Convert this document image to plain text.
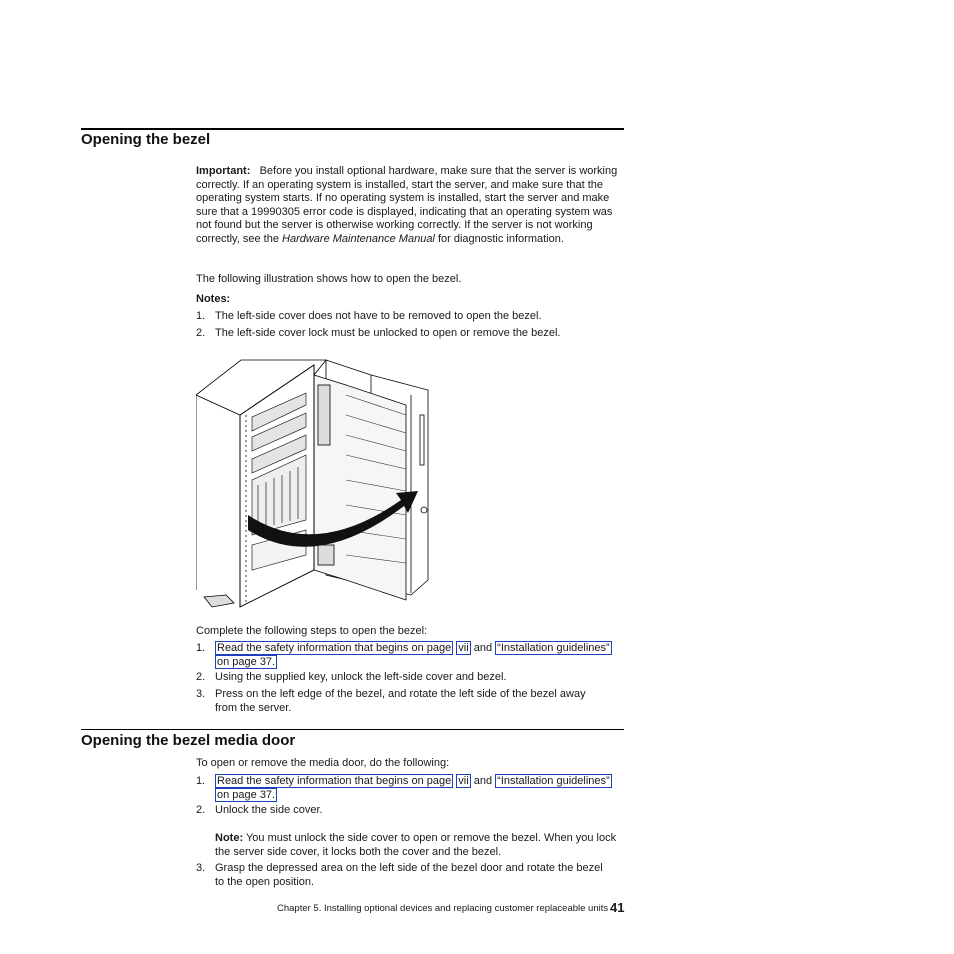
Opening the bezel

Important: Before you install optional hardware, make sure that the server is working correctly. If an operating system is installed, start the server, and make sure that the operating system starts. If no operating system is installed, start the server and make sure that a 19990305 error code is displayed, indicating that an operating system was not found but the server is otherwise working correctly. If the server is not working correctly, see the Hardware Maintenance Manual for diagnostic information.

The following illustration shows how to open the bezel.

Notes:

1. The left-side cover does not have to be removed to open the bezel.
2. The left-side cover lock must be unlocked to open or remove the bezel.

Complete the following steps to open the bezel:

1. Read the safety information that begins on page vii and “Installation guidelines”
on page 37.
2. Using the supplied key, unlock the left-side cover and bezel.
3. Press on the left edge of the bezel, and rotate the left side of the bezel away
from the server.
Opening the bezel media door

To open or remove the media door, do the following:

1. Read the safety information that begins on page vii and “Installation guidelines”
on page 37.
2. Unlock the side cover.

Note: You must unlock the side cover to open or remove the bezel. When you lock the server side cover, it locks both the cover and the bezel.

3. Grasp the depressed area on the left side of the bezel door and rotate the bezel
to the open position.
Chapter 5. Installing optional devices and replacing customer replaceable units 41
